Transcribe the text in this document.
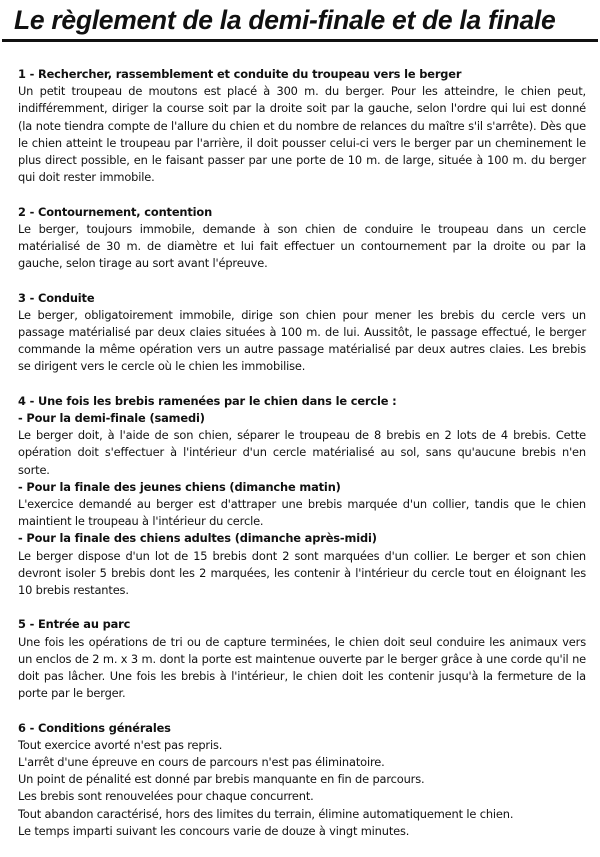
Le règlement de la demi-finale et de la finale
1 - Rechercher, rassemblement et conduite du troupeau vers le berger

Un petit troupeau de moutons est placé à 300 m. du berger. Pour les atteindre, le chien peut, indifféremment, diriger la course soit par la droite soit par la gauche, selon l'ordre qui lui est donné (la note tiendra compte de l'allure du chien et du nombre de relances du maître s'il s'arrête). Dès que le chien atteint le troupeau par l'arrière, il doit pousser celui-ci vers le berger par un cheminement le plus direct possible, en le faisant passer par une porte de 10 m. de large, située à 100 m. du berger qui doit rester immobile.

2 - Contournement, contention

Le berger, toujours immobile, demande à son chien de conduire le troupeau dans un cercle matérialisé de 30 m. de diamètre et lui fait effectuer un contournement par la droite ou par la gauche, selon tirage au sort avant l'épreuve.

3 - Conduite

Le berger, obligatoirement immobile, dirige son chien pour mener les brebis du cercle vers un passage matérialisé par deux claies situées à 100 m. de lui. Aussitôt, le passage effectué, le berger commande la même opération vers un autre passage matérialisé par deux autres claies. Les brebis se dirigent vers le cercle où le chien les immobilise.

4 - Une fois les brebis ramenées par le chien dans le cercle :
- Pour la demi-finale (samedi)

Le berger doit, à l'aide de son chien, séparer le troupeau de 8 brebis en 2 lots de 4 brebis. Cette opération doit s'effectuer à l'intérieur d'un cercle matérialisé au sol, sans qu'aucune brebis n'en sorte.

- Pour la finale des jeunes chiens (dimanche matin)

L'exercice demandé au berger est d'attraper une brebis marquée d'un collier, tandis que le chien maintient le troupeau à l'intérieur du cercle.

- Pour la finale des chiens adultes (dimanche après-midi)

Le berger dispose d'un lot de 15 brebis dont 2 sont marquées d'un collier. Le berger et son chien devront isoler 5 brebis dont les 2 marquées, les contenir à l'intérieur du cercle tout en éloignant les 10 brebis restantes.

5 - Entrée au parc

Une fois les opérations de tri ou de capture terminées, le chien doit seul conduire les animaux vers un enclos de 2 m. x 3 m. dont la porte est maintenue ouverte par le berger grâce à une corde qu'il ne doit pas lâcher. Une fois les brebis à l'intérieur, le chien doit les contenir jusqu'à la fermeture de la porte par le berger.

6 - Conditions générales

Tout exercice avorté n'est pas repris.

L'arrêt d'une épreuve en cours de parcours n'est pas éliminatoire.

Un point de pénalité est donné par brebis manquante en fin de parcours.

Les brebis sont renouvelées pour chaque concurrent.

Tout abandon caractérisé, hors des limites du terrain, élimine automatiquement le chien.

Le temps imparti suivant les concours varie de douze à vingt minutes.
